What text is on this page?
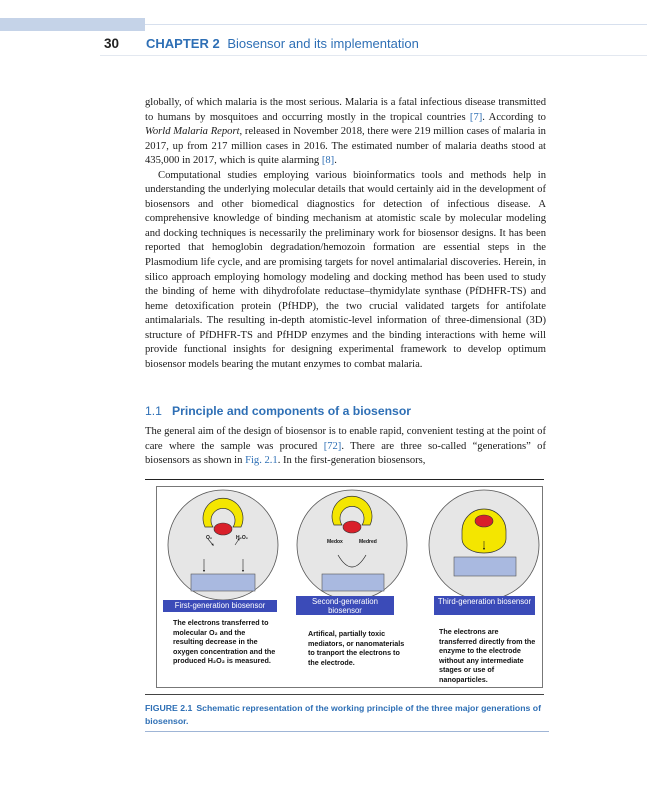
30 CHAPTER 2 Biosensor and its implementation

globally, of which malaria is the most serious. Malaria is a fatal infectious disease transmitted to humans by mosquitoes and occurring mostly in the tropical countries [7]. According to World Malaria Report, released in November 2018, there were 219 million cases of malaria in 2017, up from 217 million cases in 2016. The estimated number of malaria deaths stood at 435,000 in 2017, which is quite alarming [8].

Computational studies employing various bioinformatics tools and methods help in understanding the underlying molecular details that would certainly aid in the development of biosensors and other biomedical diagnostics for detection of infectious disease. A comprehensive knowledge of binding mechanism at atomistic scale by molecular modeling and docking techniques is necessarily the preliminary work for biosensor designs. It has been reported that hemoglobin degradation/hemozoin formation are essential steps in the Plasmodium life cycle, and are promising targets for novel antimalarial discoveries. Herein, in silico approach employing homology modeling and docking method has been used to study the binding of heme with dihydrofolate reductase–thymidylate synthase (PfDHFR-TS) and heme detoxification protein (PfHDP), the two crucial validated targets for antifolate antimalarials. The resulting in-depth atomistic-level information of three-dimensional (3D) structure of PfDHFR-TS and PfHDP enzymes and the binding interactions with heme will provide functional insights for designing experimental framework to develop optimum biosensor models bearing the mutant enzymes to combat malaria.

1.1 Principle and components of a biosensor

The general aim of the design of biosensor is to enable rapid, convenient testing at the point of care where the sample was procured [72]. There are three so-called “generations” of biosensors as shown in Fig. 2.1. In the first-generation biosensors,

O₂	H₂O₂
Medox	Medred
First-generation biosensor	Second-generation biosensor
Third-generation biosensor
The electrons transferred to molecular O₂ and the resulting decrease in the oxygen concentration and the produced H₂O₂ is measured.
Artifical, partially toxic mediators, or nanomaterials to tranport the electrons to the electrode.
The electrons are transferred directly from the enzyme to the electrode without any intermediate stages or use of nanoparticles.
FIGURE 2.1 Schematic representation of the working principle of the three major generations of biosensor.
